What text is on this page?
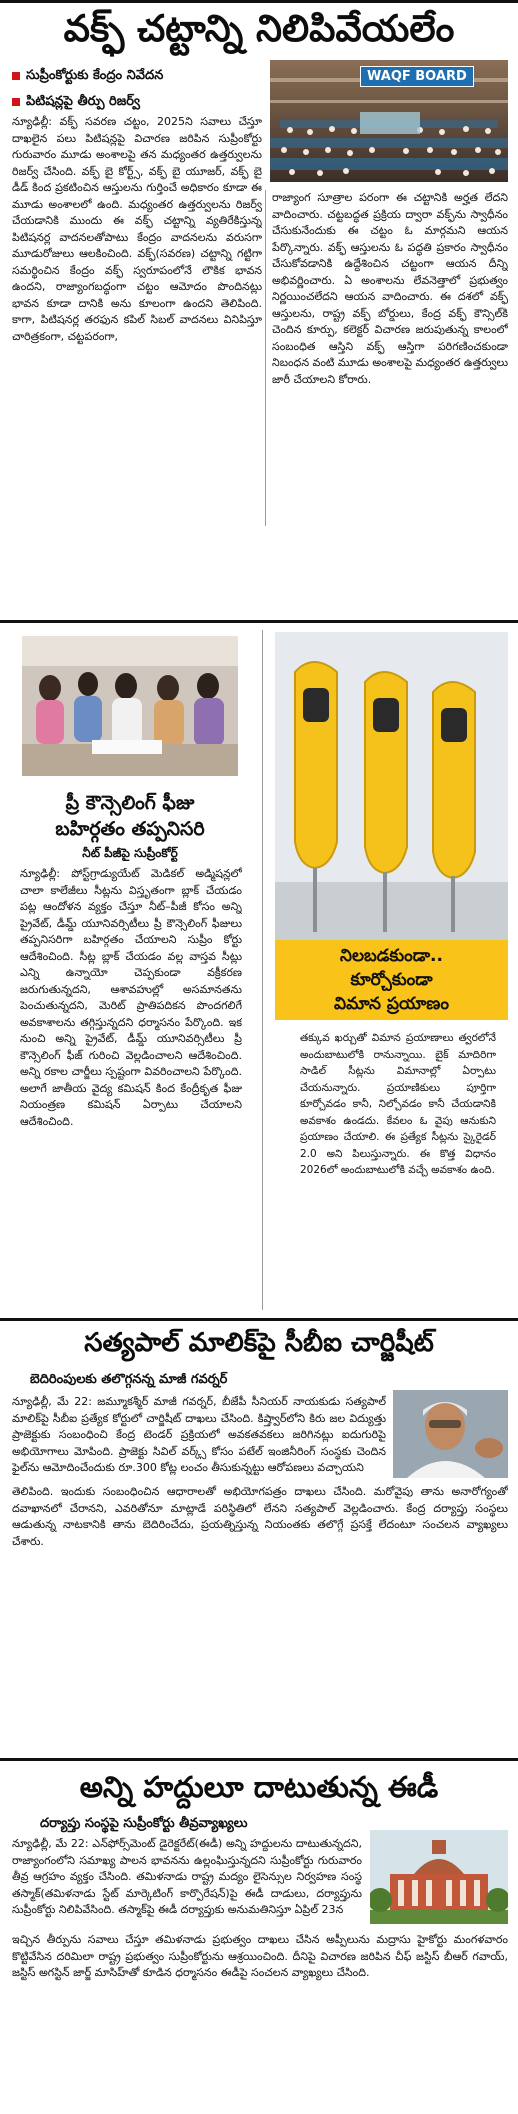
వక్ఫ్ చట్టాన్ని నిలిపివేయలేం
సుప్రీంకోర్టుకు కేంద్రం నివేదన
పిటిషన్లపై తీర్పు రిజర్వ్
WAQF BOARD
న్యూఢిల్లీ: వక్ఫ్ సవరణ చట్టం, 2025ని సవాలు చేస్తూ దాఖలైన పలు పిటిషన్లపై విచారణ జరిపిన సుప్రీంకోర్టు గురువారం మూడు అంశాలపై తన మధ్యంతర ఉత్తర్వులను రిజర్వ్ చేసింది. వక్ఫ్ బై కోర్ట్స్, వక్ఫ్ బై యూజర్, వక్ఫ్ బై డీడ్ కింద ప్రకటించిన ఆస్తులను గుర్తించే అధికారం కూడా ఈ మూడు అంశాలలో ఉంది. మధ్యంతర ఉత్తర్వులను రిజర్వ్ చేయడానికి ముందు ఈ వక్ఫ్ చట్టాన్ని వ్యతిరేకిస్తున్న పిటిషనర్ల వాదనలతోపాటు కేంద్రం వాదనలను వరుసగా మూడురోజులు ఆలకించింది. వక్ఫ్(సవరణ) చట్టాన్ని గట్టిగా సమర్థించిన కేంద్రం వక్ఫ్ స్వరూపంలోనే లౌకిక భావన ఉందని, రాజ్యాంగబద్ధంగా చట్టం ఆమోదం పొందినట్లు భావన కూడా దానికి అను కూలంగా ఉందని తెలిపింది. కాగా, పిటిషనర్ల తరఫున కపిల్ సిబల్ వాదనలు వినిపిస్తూ చారిత్రకంగా, చట్టపరంగా,
రాజ్యాంగ సూత్రాల పరంగా ఈ చట్టానికి అర్హత లేదని వాదించారు. చట్టబద్ధత ప్రక్రియ ద్వారా వక్ఫ్‌ను స్వాధీనం చేసుకునేందుకు ఈ చట్టం ఓ మార్గమని ఆయన పేర్కొన్నారు. వక్ఫ్ ఆస్తులను ఓ పద్ధతి ప్రకారం స్వాధీనం చేసుకోవడానికి ఉద్దేశించిన చట్టంగా ఆయన దీన్ని అభివర్ణించారు. ఏ అంశాలను లేవనెత్తాలో ప్రభుత్వం నిర్ణయించలేదని ఆయన వాదించారు. ఈ దశలో వక్ఫ్ ఆస్తులను, రాష్ట్ర వక్ఫ్ బోర్డులు, కేంద్ర వక్ఫ్ కౌన్సిల్‌కి చెందిన కూర్పు, కలెక్టర్ విచారణ జరుపుతున్న కాలంలో సంబంధిత ఆస్తిని వక్ఫ్ ఆస్తిగా పరిగణించకుండా నిబంధన వంటి మూడు అంశాలపై మధ్యంతర ఉత్తర్వులు జారీ చేయాలని కోరారు.
ప్రీ కౌన్సెలింగ్ ఫీజు
బహిర్గతం తప్పనిసరి
నీట్ పీజీపై సుప్రీంకోర్ట్
న్యూఢిల్లీ: పోస్ట్‌గ్రాడ్యుయేట్ మెడికల్ అడ్మిషన్లలో చాలా కాలేజీలు సీట్లను విస్తృతంగా బ్లాక్ చేయడం పట్ల ఆందోళన వ్యక్తం చేస్తూ నీట్–పీజీ కోసం అన్ని ప్రైవేట్, డీమ్డ్ యూనివర్సిటీలు ప్రీ కౌన్సెలింగ్ ఫీజులు తప్పనిసరిగా బహిర్గతం చేయాలని సుప్రీం కోర్టు ఆదేశించింది. సీట్ల బ్లాక్ చేయడం వల్ల వాస్తవ సీట్లు ఎన్ని ఉన్నాయో చెప్పకుండా వక్రీకరణ జరుగుతున్నదని, ఆశావహుల్లో అసమానతను పెంచుతున్నదని, మెరిట్ ప్రాతిపదికన పొందగలిగే అవకాశాలను తగ్గిస్తున్నదని ధర్మాసనం పేర్కొంది. ఇక నుంచి అన్ని ప్రైవేట్, డీమ్డ్ యూనివర్సిటీలు ప్రీ కౌన్సెలింగ్ ఫీజ్ గురించి వెల్లడించాలని ఆదేశించింది. అన్ని రకాల చార్జీలు స్పష్టంగా వివరించాలని పేర్కొంది. అలాగే జాతీయ వైద్య కమిషన్ కింద కేంద్రీకృత ఫీజు నియంత్రణ కమిషన్ ఏర్పాటు చేయాలని ఆదేశించింది.
నిలబడకుండా..
కూర్చోకుండా
విమాన ప్రయాణం
తక్కువ ఖర్చుతో విమాన ప్రయాణాలు త్వరలోనే అందుబాటులోకి రానున్నాయి. బైక్ మాదిరిగా సాడిల్ సీట్లను విమానాల్లో ఏర్పాటు చేయనున్నారు. ప్రయాణికులు పూర్తిగా కూర్చోవడం కానీ, నిల్చోవడం కానీ చేయడానికి అవకాశం ఉండదు. కేవలం ఓ వైపు ఆనుకుని ప్రయాణం చేయాలి. ఈ ప్రత్యేక సీట్లను స్కైరైడర్ 2.0 అని పిలుస్తున్నారు. ఈ కొత్త విధానం 2026లో అందుబాటులోకి వచ్చే అవకాశం ఉంది.
సత్యపాల్ మాలిక్‌పై సీబీఐ చార్జిషీట్
బెదిరింపులకు తలొగ్గనన్న మాజీ గవర్నర్
న్యూఢిల్లీ, మే 22: జమ్మూకశ్మీర్ మాజీ గవర్నర్, బీజేపీ సీనియర్ నాయకుడు సత్యపాల్ మాలిక్‌పై సీబీఐ ప్రత్యేక కోర్టులో చార్జిషీట్ దాఖలు చేసింది. కిష్త్వార్‌లోని కిరు జల విద్యుత్తు ప్రాజెక్టుకు సంబంధించి కేంద్ర టెండర్ ప్రక్రియలో అవకతవకలు జరిగినట్లు ఐదుగురిపై అభియోగాలు మోపింది. ప్రాజెక్టు సివిల్ వర్క్స్ కోసం పటేల్ ఇంజినీరింగ్ సంస్థకు చెందిన ఫైల్‌ను ఆమోదించేందుకు రూ.300 కోట్ల లంచం తీసుకున్నట్టు ఆరోపణలు వచ్చాయని
తెలిపింది. ఇందుకు సంబంధించిన ఆధారాలతో అభియోగపత్రం దాఖలు చేసింది. మరోవైపు తాను అనారోగ్యంతో దవాఖానలో చేరానని, ఎవరితోనూ మాట్లాడే పరిస్థితిలో లేనని సత్యపాల్ వెల్లడించారు. కేంద్ర దర్యాప్తు సంస్థలు ఆడుతున్న నాటకానికి తాను బెదిరించేదు, ప్రయత్నిస్తున్న నియంతకు తలొగ్గే ప్రసక్తే లేదంటూ సంచలన వ్యాఖ్యలు చేశారు.
అన్ని హద్దులూ దాటుతున్న ఈడీ
దర్యాప్తు సంస్థపై సుప్రీంకోర్టు తీవ్రవ్యాఖ్యలు
న్యూఢిల్లీ, మే 22: ఎన్‌ఫోర్స్‌మెంట్ డైరెక్టరేట్(ఈడీ) అన్ని హద్దులను దాటుతున్నదని, రాజ్యాంగంలోని సమాఖ్య పాలన భావనను ఉల్లంఘిస్తున్నదని సుప్రీంకోర్టు గురువారం తీవ్ర ఆగ్రహం వ్యక్తం చేసింది. తమిళనాడు రాష్ట్ర మద్యం లైసెన్సుల నిర్వహణ సంస్థ తస్మాక్(తమిళనాడు స్టేట్ మార్కెటింగ్ కార్పొరేషన్)పై ఈడీ దాడులు, దర్యాప్తును సుప్రీంకోర్టు నిలిపివేసింది. తస్మాక్‌పై ఈడీ దర్యాప్తుకు అనుమతినిస్తూ ఏప్రిల్ 23న
ఇచ్చిన తీర్పును సవాలు చేస్తూ తమిళనాడు ప్రభుత్వం దాఖలు చేసిన అప్పీలును మద్రాసు హైకోర్టు మంగళవారం కొట్టివేసిన దరిమిలా రాష్ట్ర ప్రభుత్వం సుప్రీంకోర్టును ఆశ్రయించింది. దీనిపై విచారణ జరిపిన చీఫ్ జస్టిస్ బీఆర్ గవాయ్, జస్టిస్ అగస్టిన్ జార్జ్ మాసిహ్‌తో కూడిన ధర్మాసనం ఈడీపై సంచలన వ్యాఖ్యలు చేసింది.
